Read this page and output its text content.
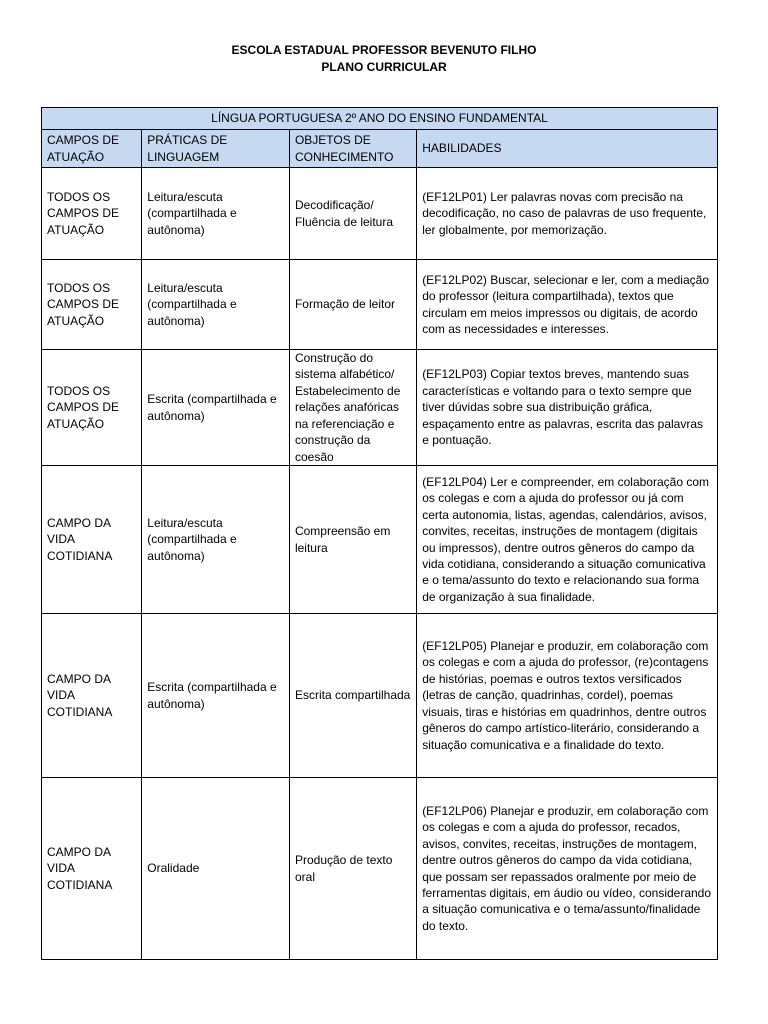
ESCOLA ESTADUAL PROFESSOR BEVENUTO FILHO
PLANO CURRICULAR
LÍNGUA PORTUGUESA 2º ANO DO ENSINO FUNDAMENTAL			
CAMPOS DE ATUAÇÃO	PRÁTICAS DE LINGUAGEM	OBJETOS DE CONHECIMENTO	HABILIDADES
TODOS OS CAMPOS DE ATUAÇÃO	Leitura/escuta (compartilhada e autônoma)	Decodificação/ Fluência de leitura	(EF12LP01) Ler palavras novas com precisão na decodificação, no caso de palavras de uso frequente, ler globalmente, por memorização.
TODOS OS CAMPOS DE ATUAÇÃO	Leitura/escuta (compartilhada e autônoma)	Formação de leitor	(EF12LP02) Buscar, selecionar e ler, com a mediação do professor (leitura compartilhada), textos que circulam em meios impressos ou digitais, de acordo com as necessidades e interesses.
TODOS OS CAMPOS DE ATUAÇÃO	Escrita (compartilhada e autônoma)	Construção do sistema alfabético/ Estabelecimento de relações anafóricas na referenciação e construção da coesão	(EF12LP03) Copiar textos breves, mantendo suas características e voltando para o texto sempre que tiver dúvidas sobre sua distribuição gráfica, espaçamento entre as palavras, escrita das palavras e pontuação.
CAMPO DA VIDA COTIDIANA	Leitura/escuta (compartilhada e autônoma)	Compreensão em leitura	(EF12LP04) Ler e compreender, em colaboração com os colegas e com a ajuda do professor ou já com certa autonomia, listas, agendas, calendários, avisos, convites, receitas, instruções de montagem (digitais ou impressos), dentre outros gêneros do campo da vida cotidiana, considerando a situação comunicativa e o tema/assunto do texto e relacionando sua forma de organização à sua finalidade.
CAMPO DA VIDA COTIDIANA	Escrita (compartilhada e autônoma)	Escrita compartilhada	(EF12LP05) Planejar e produzir, em colaboração com os colegas e com a ajuda do professor, (re)contagens de histórias, poemas e outros textos versificados (letras de canção, quadrinhas, cordel), poemas visuais, tiras e histórias em quadrinhos, dentre outros gêneros do campo artístico-literário, considerando a situação comunicativa e a finalidade do texto.
CAMPO DA VIDA COTIDIANA	Oralidade	Produção de texto oral	(EF12LP06) Planejar e produzir, em colaboração com os colegas e com a ajuda do professor, recados, avisos, convites, receitas, instruções de montagem, dentre outros gêneros do campo da vida cotidiana, que possam ser repassados oralmente por meio de ferramentas digitais, em áudio ou vídeo, considerando a situação comunicativa e o tema/assunto/finalidade do texto.
